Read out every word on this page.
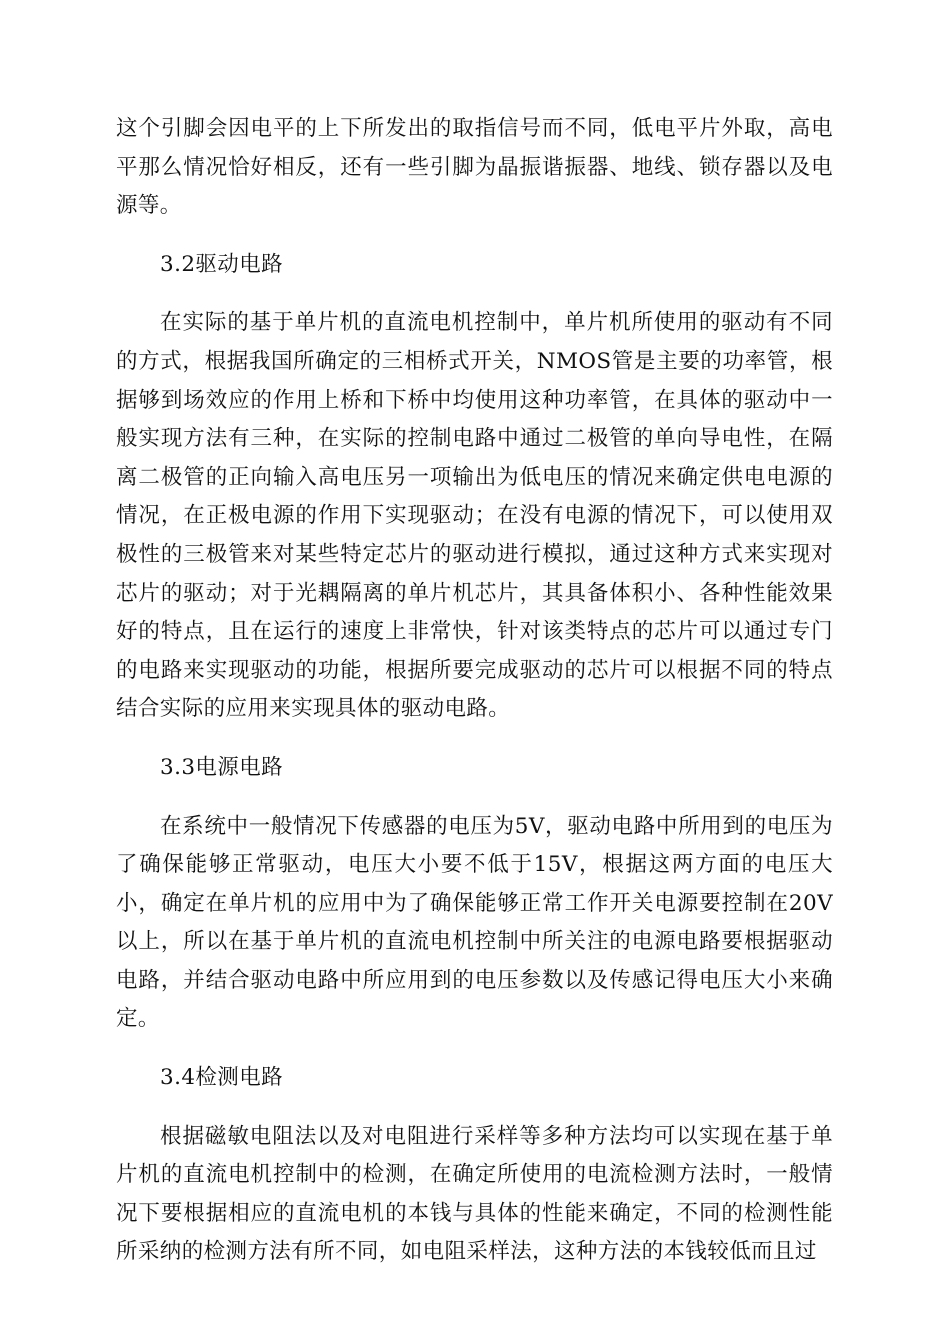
这个引脚会因电平的上下所发出的取指信号而不同，低电平片外取，高电平那么情况恰好相反，还有一些引脚为晶振谐振器、地线、锁存器以及电源等。

3.2驱动电路

在实际的基于单片机的直流电机控制中，单片机所使用的驱动有不同的方式，根据我国所确定的三相桥式开关，NMOS管是主要的功率管，根据够到场效应的作用上桥和下桥中均使用这种功率管，在具体的驱动中一般实现方法有三种，在实际的控制电路中通过二极管的单向导电性，在隔离二极管的正向输入高电压另一项输出为低电压的情况来确定供电电源的情况，在正极电源的作用下实现驱动；在没有电源的情况下，可以使用双极性的三极管来对某些特定芯片的驱动进行模拟，通过这种方式来实现对芯片的驱动；对于光耦隔离的单片机芯片，其具备体积小、各种性能效果好的特点，且在运行的速度上非常快，针对该类特点的芯片可以通过专门的电路来实现驱动的功能，根据所要完成驱动的芯片可以根据不同的特点结合实际的应用来实现具体的驱动电路。

3.3电源电路

在系统中一般情况下传感器的电压为5V，驱动电路中所用到的电压为了确保能够正常驱动，电压大小要不低于15V，根据这两方面的电压大小，确定在单片机的应用中为了确保能够正常工作开关电源要控制在20V以上，所以在基于单片机的直流电机控制中所关注的电源电路要根据驱动电路，并结合驱动电路中所应用到的电压参数以及传感记得电压大小来确定。

3.4检测电路

根据磁敏电阻法以及对电阻进行采样等多种方法均可以实现在基于单片机的直流电机控制中的检测，在确定所使用的电流检测方法时，一般情况下要根据相应的直流电机的本钱与具体的性能来确定，不同的检测性能所采纳的检测方法有所不同，如电阻采样法，这种方法的本钱较低而且过
